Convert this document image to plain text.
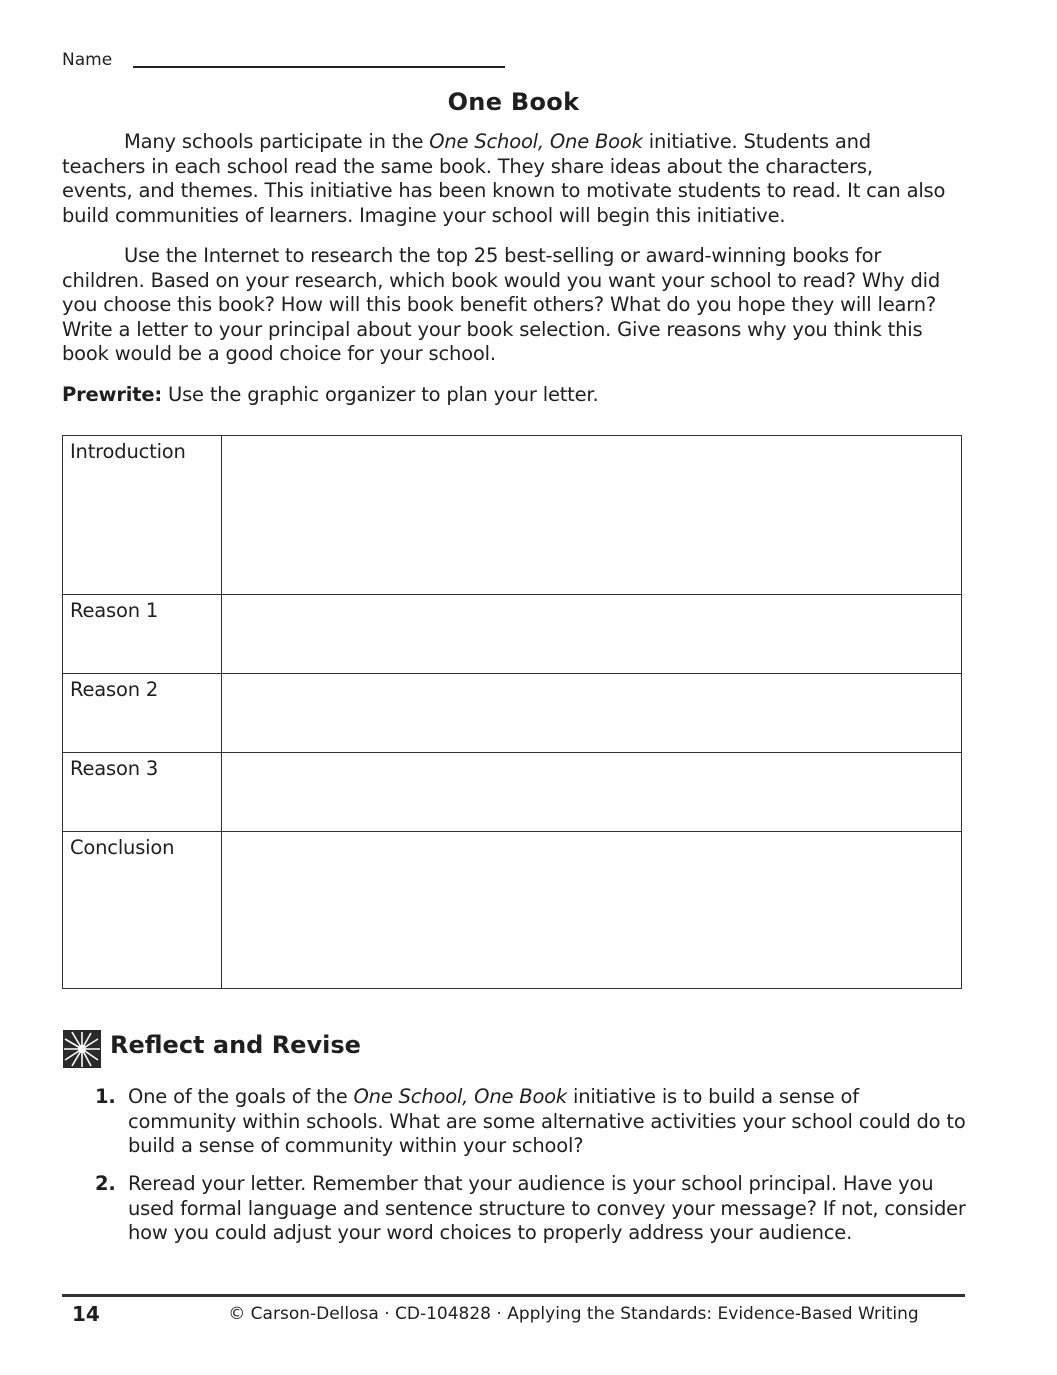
Name
One Book

Many schools participate in the One School, One Book initiative. Students and teachers in each school read the same book. They share ideas about the characters, events, and themes. This initiative has been known to motivate students to read. It can also build communities of learners. Imagine your school will begin this initiative.

Use the Internet to research the top 25 best-selling or award-winning books for children. Based on your research, which book would you want your school to read? Why did you choose this book? How will this book benefit others? What do you hope they will learn? Write a letter to your principal about your book selection. Give reasons why you think this book would be a good choice for your school.

Prewrite: Use the graphic organizer to plan your letter.
Introduction
Reason 1
Reason 2
Reason 3
Conclusion
Reflect and Revise
1. One of the goals of the One School, One Book initiative is to build a sense of community within schools. What are some alternative activities your school could do to build a sense of community within your school?
2. Reread your letter. Remember that your audience is your school principal. Have you used formal language and sentence structure to convey your message? If not, consider how you could adjust your word choices to properly address your audience.
14	© Carson-Dellosa · CD-104828 · Applying the Standards: Evidence-Based Writing
